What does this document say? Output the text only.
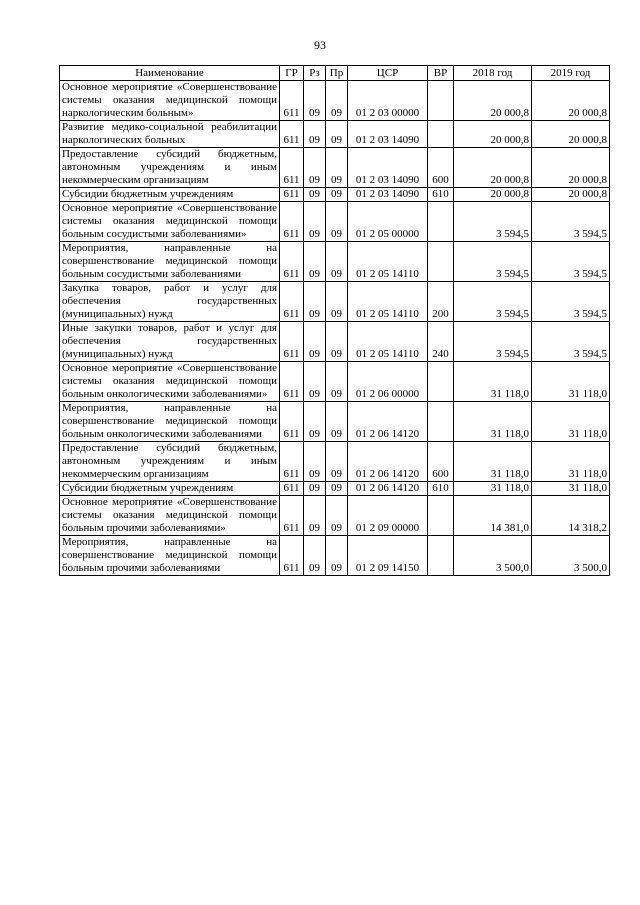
93
Наименование	ГР	Рз	Пр	ЦСР	ВР	2018 год	2019 год
Основное мероприятие «Совершенствование системы оказания медицинской помощи наркологическим больным»	611	09	09	01 2 03 00000		20 000,8	20 000,8
Развитие медико-социальной реабилитации наркологических больных	611	09	09	01 2 03 14090		20 000,8	20 000,8
Предоставление субсидий бюджетным, автономным учреждениям и иным некоммерческим организациям	611	09	09	01 2 03 14090	600	20 000,8	20 000,8
Субсидии бюджетным учреждениям	611	09	09	01 2 03 14090	610	20 000,8	20 000,8
Основное мероприятие «Совершенствование системы оказания медицинской помощи больным сосудистыми заболеваниями»	611	09	09	01 2 05 00000		3 594,5	3 594,5
Мероприятия, направленные на совершенствование медицинской помощи больным сосудистыми заболеваниями	611	09	09	01 2 05 14110		3 594,5	3 594,5
Закупка товаров, работ и услуг для обеспечения государственных (муниципальных) нужд	611	09	09	01 2 05 14110	200	3 594,5	3 594,5
Иные закупки товаров, работ и услуг для обеспечения государственных (муниципальных) нужд	611	09	09	01 2 05 14110	240	3 594,5	3 594,5
Основное мероприятие «Совершенствование системы оказания медицинской помощи больным онкологическими заболеваниями»	611	09	09	01 2 06 00000		31 118,0	31 118,0
Мероприятия, направленные на совершенствование медицинской помощи больным онкологическими заболеваниями	611	09	09	01 2 06 14120		31 118,0	31 118,0
Предоставление субсидий бюджетным, автономным учреждениям и иным некоммерческим организациям	611	09	09	01 2 06 14120	600	31 118,0	31 118,0
Субсидии бюджетным учреждениям	611	09	09	01 2 06 14120	610	31 118,0	31 118,0
Основное мероприятие «Совершенствование системы оказания медицинской помощи больным прочими заболеваниями»	611	09	09	01 2 09 00000		14 381,0	14 318,2
Мероприятия, направленные на совершенствование медицинской помощи больным прочими заболеваниями	611	09	09	01 2 09 14150		3 500,0	3 500,0
